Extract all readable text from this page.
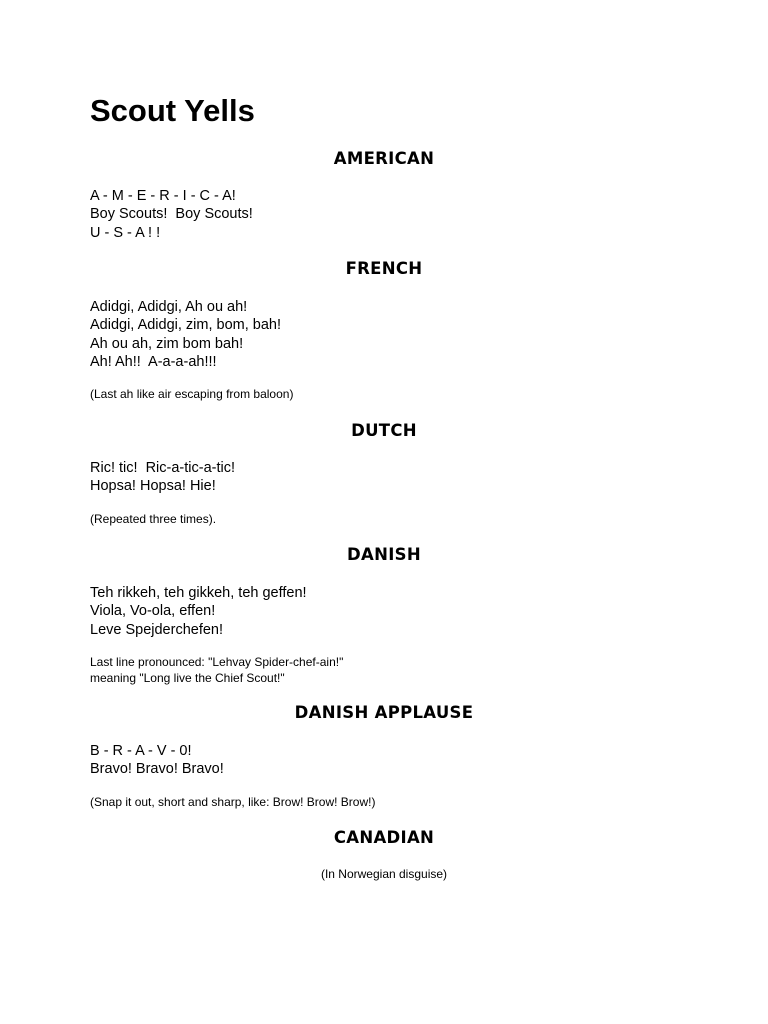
Scout Yells
AMERICAN
A - M - E - R - I - C - A!
Boy Scouts!  Boy Scouts!
U - S - A ! !
FRENCH
Adidgi, Adidgi, Ah ou ah!
Adidgi, Adidgi, zim, bom, bah!
Ah ou ah, zim bom bah!
Ah! Ah!!  A-a-a-ah!!!

(Last ah like air escaping from baloon)

DUTCH
Ric! tic!  Ric-a-tic-a-tic!
Hopsa! Hopsa! Hie!

(Repeated three times).

DANISH
Teh rikkeh, teh gikkeh, teh geffen!
Viola, Vo-ola, effen!
Leve Spejderchefen!

Last line pronounced: "Lehvay Spider-chef-ain!"

meaning "Long live the Chief Scout!"

DANISH APPLAUSE
B - R - A - V - 0!
Bravo! Bravo! Bravo!

(Snap it out, short and sharp, like: Brow! Brow! Brow!)

CANADIAN

(In Norwegian disguise)
